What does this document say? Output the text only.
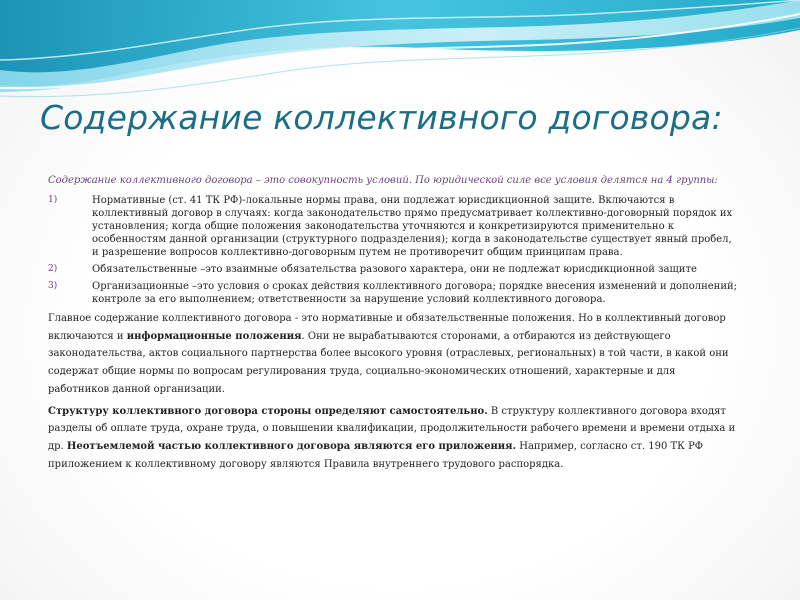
Содержание коллективного договора:

Содержание коллективного договора – это совокупность условий. По юридической силе все условия делятся на 4 группы:

1)	Нормативные (ст. 41 ТК РФ)-локальные нормы права, они подлежат юрисдикционной защите. Включаются в коллективный договор в случаях: когда законодательство прямо предусматривает коллективно-договорный порядок их установления; когда общие положения законодательства уточняются и конкретизируются применительно к особенностям данной организации (структурного подразделения); когда в законодательстве существует явный пробел, и разрешение вопросов коллективно-договорным путем не противоречит общим принципам права.
2)	Обязательственные –это взаимные обязательства разового характера, они не подлежат юрисдикционной защите
3)	Организационные –это условия о сроках действия коллективного договора; порядке внесения изменений и дополнений; контроле за его выполнением; ответственности за нарушение условий коллективного договора.

Главное содержание коллективного договора - это нормативные и обязательственные положения. Но в коллективный договор включаются и информационные положения. Они не вырабатываются сторонами, а отбираются из действующего законодательства, актов социального партнерства более высокого уровня (отраслевых, региональных) в той части, в какой они содержат общие нормы по вопросам регулирования труда, социально-экономических отношений, характерные и для работников данной организации.

Структуру коллективного договора стороны определяют самостоятельно. В структуру коллективного договора входят разделы об оплате труда, охране труда, о повышении квалификации, продолжительности рабочего времени и времени отдыха и др. Неотъемлемой частью коллективного договора являются его приложения. Например, согласно ст. 190 ТК РФ приложением к коллективному договору являются Правила внутреннего трудового распорядка.
